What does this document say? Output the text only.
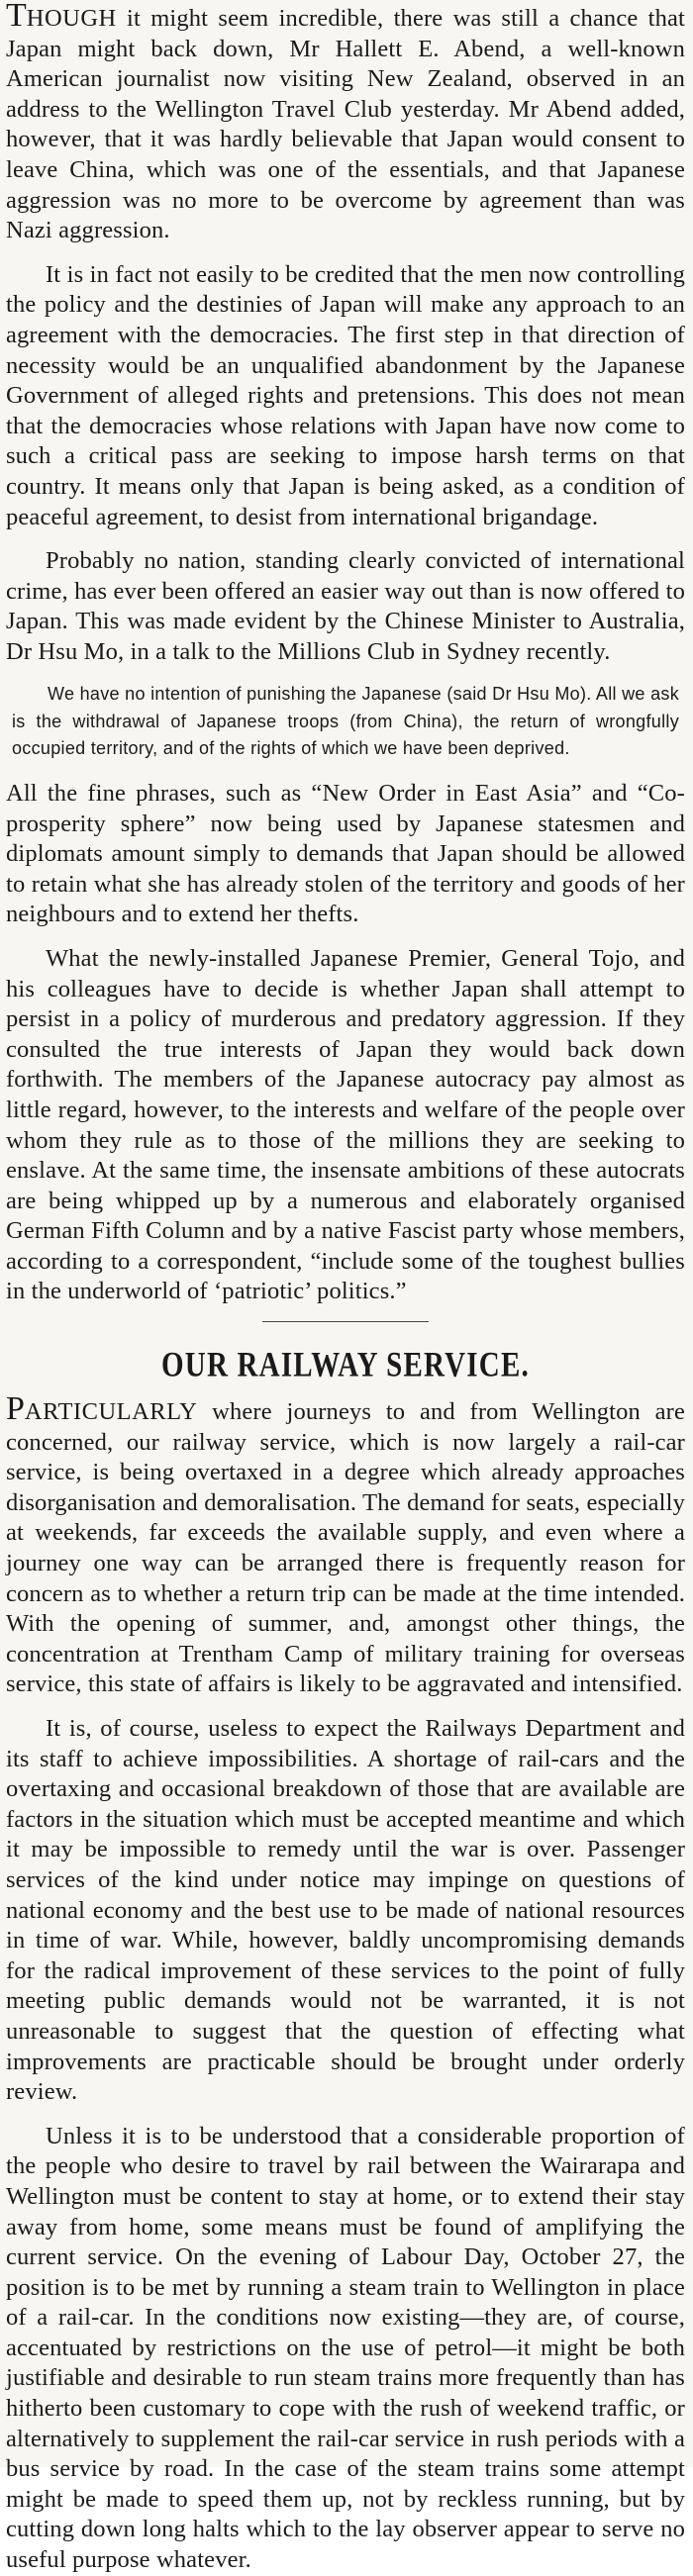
THOUGH it might seem incredible, there was still a chance that Japan might back down, Mr Hallett E. Abend, a well-known American journalist now visiting New Zealand, observed in an address to the Wellington Travel Club yesterday. Mr Abend added, however, that it was hardly believable that Japan would consent to leave China, which was one of the essentials, and that Japanese aggression was no more to be overcome by agreement than was Nazi aggression.

It is in fact not easily to be credited that the men now controlling the policy and the destinies of Japan will make any approach to an agreement with the democracies. The first step in that direction of necessity would be an unqualified abandonment by the Japanese Government of alleged rights and pretensions. This does not mean that the democracies whose relations with Japan have now come to such a critical pass are seeking to impose harsh terms on that country. It means only that Japan is being asked, as a condition of peaceful agreement, to desist from international brigandage.

Probably no nation, standing clearly convicted of international crime, has ever been offered an easier way out than is now offered to Japan. This was made evident by the Chinese Minister to Australia, Dr Hsu Mo, in a talk to the Millions Club in Sydney recently.

We have no intention of punishing the Japanese (said Dr Hsu Mo). All we ask is the withdrawal of Japanese troops (from China), the return of wrongfully occupied territory, and of the rights of which we have been deprived.

All the fine phrases, such as “New Order in East Asia” and “Co-prosperity sphere” now being used by Japanese statesmen and diplomats amount simply to demands that Japan should be allowed to retain what she has already stolen of the territory and goods of her neighbours and to extend her thefts.

What the newly-installed Japanese Premier, General Tojo, and his colleagues have to decide is whether Japan shall attempt to persist in a policy of murderous and predatory aggression. If they consulted the true interests of Japan they would back down forthwith. The members of the Japanese autocracy pay almost as little regard, however, to the interests and welfare of the people over whom they rule as to those of the millions they are seeking to enslave. At the same time, the insensate ambitions of these autocrats are being whipped up by a numerous and elaborately organised German Fifth Column and by a native Fascist party whose members, according to a correspondent, “include some of the toughest bullies in the underworld of ‘patriotic’ politics.”

OUR RAILWAY SERVICE.

PARTICULARLY where journeys to and from Wellington are concerned, our railway service, which is now largely a rail-car service, is being overtaxed in a degree which already approaches disorganisation and demoralisation. The demand for seats, especially at weekends, far exceeds the available supply, and even where a journey one way can be arranged there is frequently reason for concern as to whether a return trip can be made at the time intended. With the opening of summer, and, amongst other things, the concentration at Trentham Camp of military training for overseas service, this state of affairs is likely to be aggravated and intensified.

It is, of course, useless to expect the Railways Department and its staff to achieve impossibilities. A shortage of rail-cars and the overtaxing and occasional breakdown of those that are available are factors in the situation which must be accepted meantime and which it may be impossible to remedy until the war is over. Passenger services of the kind under notice may impinge on questions of national economy and the best use to be made of national resources in time of war. While, however, baldly uncompromising demands for the radical improvement of these services to the point of fully meeting public demands would not be warranted, it is not unreasonable to suggest that the question of effecting what improvements are practicable should be brought under orderly review.

Unless it is to be understood that a considerable proportion of the people who desire to travel by rail between the Wairarapa and Wellington must be content to stay at home, or to extend their stay away from home, some means must be found of amplifying the current service. On the evening of Labour Day, October 27, the position is to be met by running a steam train to Wellington in place of a rail-car. In the conditions now existing—they are, of course, accentuated by restrictions on the use of petrol—it might be both justifiable and desirable to run steam trains more frequently than has hitherto been customary to cope with the rush of weekend traffic, or alternatively to supplement the rail-car service in rush periods with a bus service by road. In the case of the steam trains some attempt might be made to speed them up, not by reckless running, but by cutting down long halts which to the lay observer appear to serve no useful purpose whatever.
